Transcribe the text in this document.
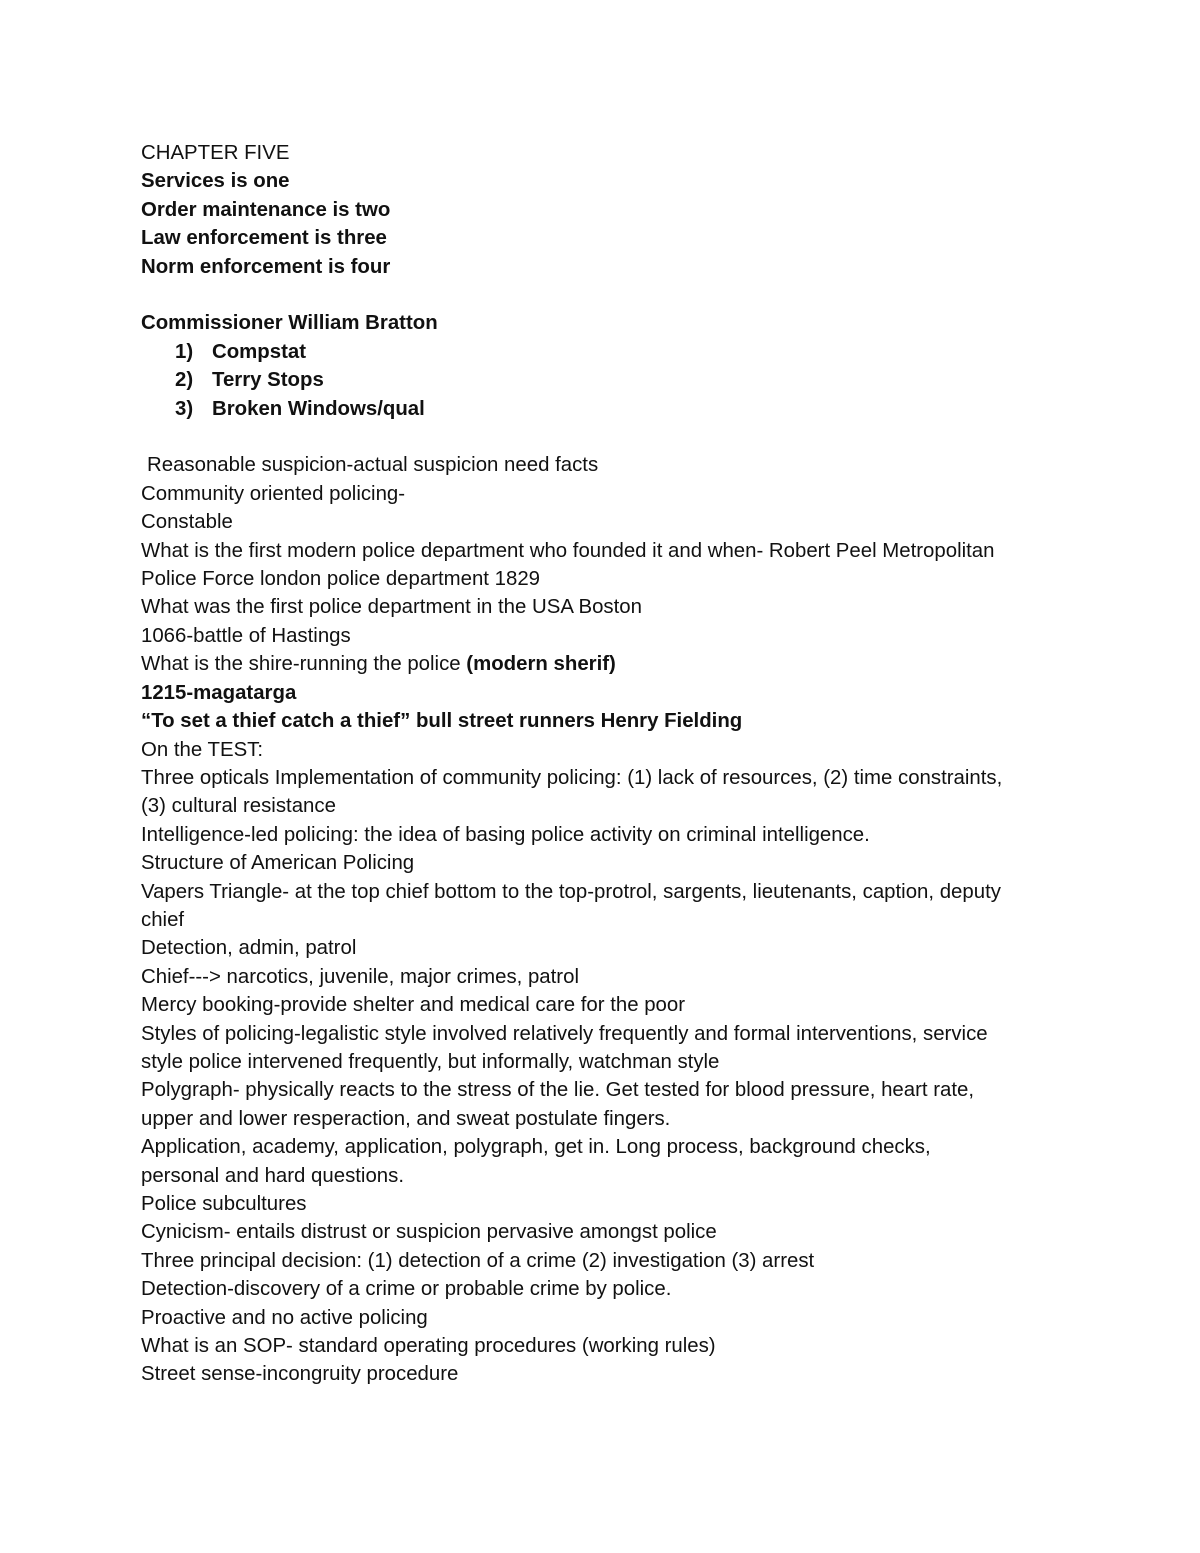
CHAPTER FIVE
Services is one
Order maintenance is two
Law enforcement is three
Norm enforcement is four
Commissioner William Bratton
1) Compstat
2) Terry Stops
3) Broken Windows/qual
Reasonable suspicion-actual suspicion need facts
Community oriented policing-
Constable
What is the first modern police department who founded it and when- Robert Peel Metropolitan
Police Force london police department 1829
What was the first police department in the USA Boston
1066-battle of Hastings
What is the shire-running the police (modern sherif)
1215-magatarga
“To set a thief catch a thief” bull street runners Henry Fielding
On the TEST:
Three opticals Implementation of community policing: (1) lack of resources, (2) time constraints,
(3) cultural resistance
Intelligence-led policing: the idea of basing police activity on criminal intelligence.
Structure of American Policing
Vapers Triangle- at the top chief bottom to the top-protrol, sargents, lieutenants, caption, deputy
chief
Detection, admin, patrol
Chief---> narcotics, juvenile, major crimes, patrol
Mercy booking-provide shelter and medical care for the poor
Styles of policing-legalistic style involved relatively frequently and formal interventions, service
style police intervened frequently, but informally, watchman style
Polygraph- physically reacts to the stress of the lie. Get tested for blood pressure, heart rate,
upper and lower resperaction, and sweat postulate fingers.
Application, academy, application, polygraph, get in. Long process, background checks,
personal and hard questions.
Police subcultures
Cynicism- entails distrust or suspicion pervasive amongst police
Three principal decision: (1) detection of a crime (2) investigation (3) arrest
Detection-discovery of a crime or probable crime by police.
Proactive and no active policing
What is an SOP- standard operating procedures (working rules)
Street sense-incongruity procedure
